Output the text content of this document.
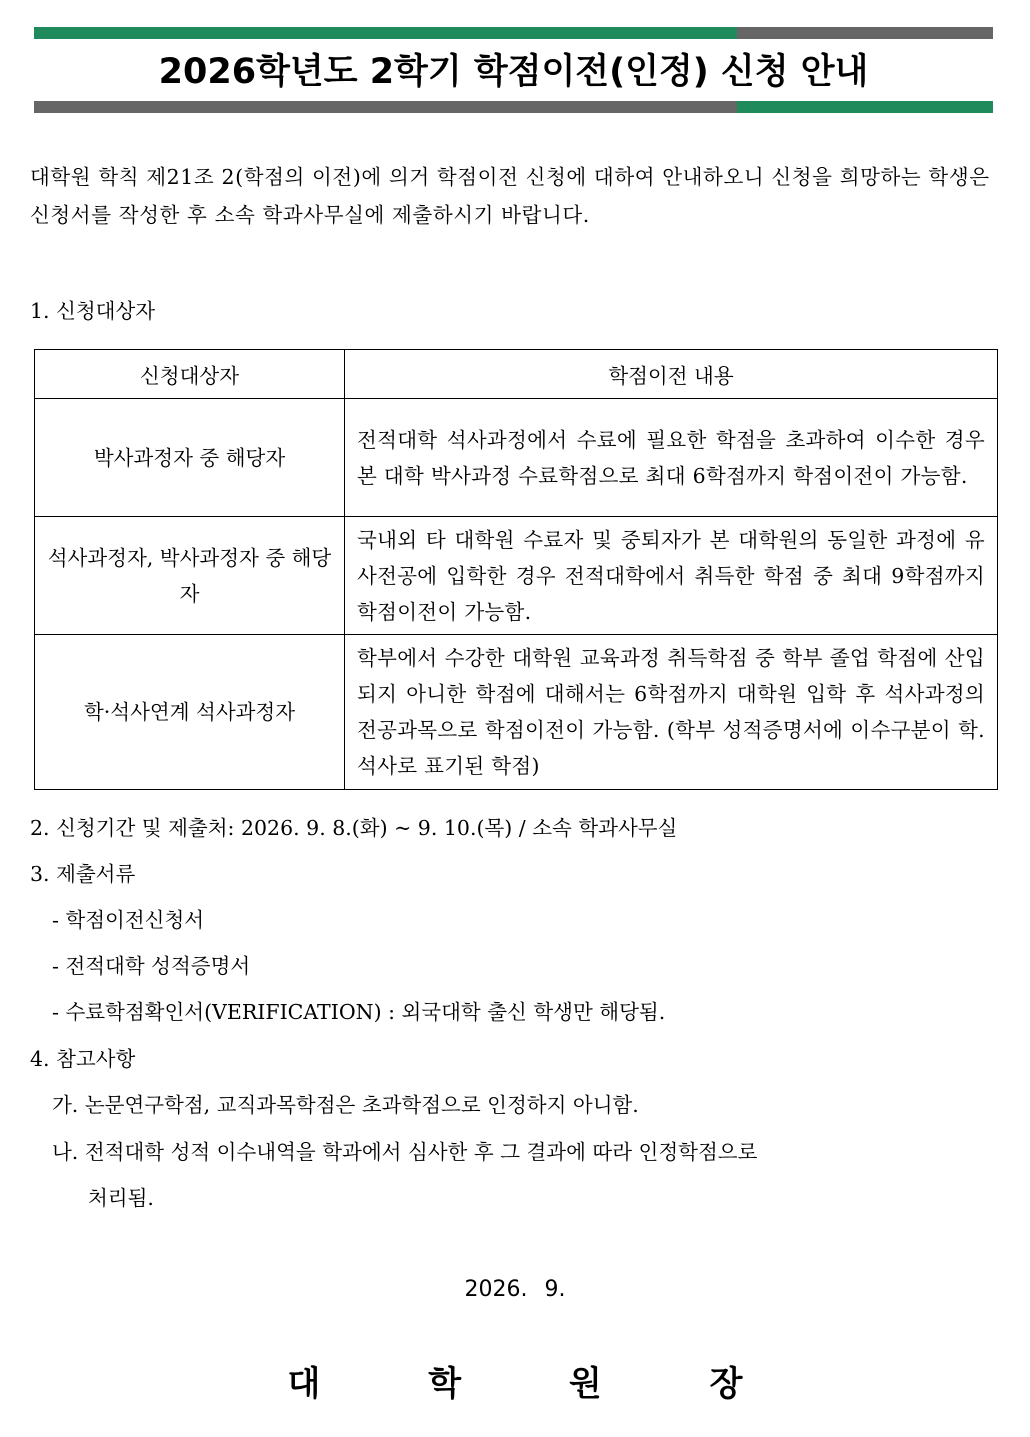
2026학년도 2학기 학점이전(인정) 신청 안내
대학원 학칙 제21조 2(학점의 이전)에 의거 학점이전 신청에 대하여 안내하오니 신청을 희망하는 학생은 신청서를 작성한 후 소속 학과사무실에 제출하시기 바랍니다.
1. 신청대상자
신청대상자	학점이전 내용
박사과정자 중 해당자	전적대학 석사과정에서 수료에 필요한 학점을 초과하여 이수한 경우 본 대학 박사과정 수료학점으로 최대 6학점까지 학점이전이 가능함.
석사과정자, 박사과정자 중 해당자	국내외 타 대학원 수료자 및 중퇴자가 본 대학원의 동일한 과정에 유사전공에 입학한 경우 전적대학에서 취득한 학점 중 최대 9학점까지 학점이전이 가능함.
학·석사연계 석사과정자	학부에서 수강한 대학원 교육과정 취득학점 중 학부 졸업 학점에 산입되지 아니한 학점에 대해서는 6학점까지 대학원 입학 후 석사과정의 전공과목으로 학점이전이 가능함. (학부 성적증명서에 이수구분이 학.석사로 표기된 학점)
2. 신청기간 및 제출처: 2026. 9. 8.(화) ~ 9. 10.(목) / 소속 학과사무실
3. 제출서류
- 학점이전신청서
- 전적대학 성적증명서
- 수료학점확인서(VERIFICATION) : 외국대학 출신 학생만 해당됨.
4. 참고사항
가. 논문연구학점, 교직과목학점은 초과학점으로 인정하지 아니함.
나. 전적대학 성적 이수내역을 학과에서 심사한 후 그 결과에 따라 인정학점으로
처리됨.
2026. 9.
대 학 원 장
